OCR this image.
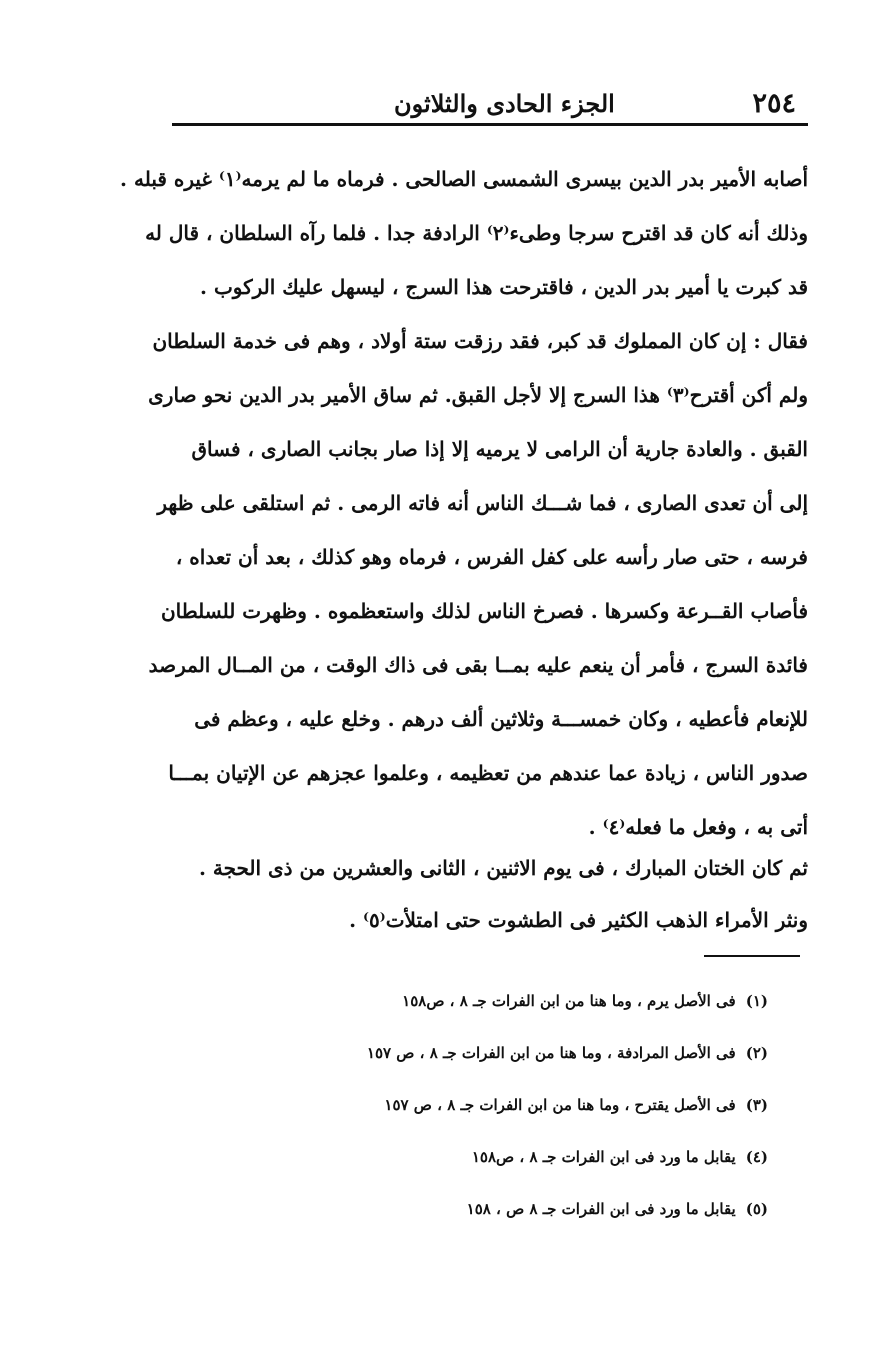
٢٥٤
الجزء الحادى والثلاثون
أصابه الأمير بدر الدين بيسرى الشمسى الصالحى . فرماه ما لم يرمه⁽١⁾ غيره قبله .
وذلك أنه كان قد اقترح سرجا وطىء⁽٢⁾ الرادفة جدا . فلما رآه السلطان ، قال له
قد كبرت يا أمير بدر الدين ، فاقترحت هذا السرج ، ليسهل عليك الركوب .
فقال : إن كان المملوك قد كبر، فقد رزقت ستة أولاد ، وهم فى خدمة السلطان
ولم أكن أقترح⁽٣⁾ هذا السرج إلا لأجل القبق. ثم ساق الأمير بدر الدين نحو صارى
القبق . والعادة جارية أن الرامى لا يرميه إلا إذا صار بجانب الصارى ، فساق
إلى أن تعدى الصارى ، فما شـــك الناس أنه فاته الرمى . ثم استلقى على ظهر
فرسه ، حتى صار رأسه على كفل الفرس ، فرماه وهو كذلك ، بعد أن تعداه ،
فأصاب القــرعة وكسرها . فصرخ الناس لذلك واستعظموه . وظهرت للسلطان
فائدة السرج ، فأمر أن ينعم عليه بمــا بقى فى ذاك الوقت ، من المــال المرصد
للإنعام فأعطيه ، وكان خمســـة وثلاثين ألف درهم . وخلع عليه ، وعظم فى
صدور الناس ، زيادة عما عندهم من تعظيمه ، وعلموا عجزهم عن الإتيان بمـــا
أتى به ، وفعل ما فعله⁽٤⁾ .
ثم كان الختان المبارك ، فى يوم الاثنين ، الثانى والعشرين من ذى الحجة .
ونثر الأمراء الذهب الكثير فى الطشوت حتى امتلأت⁽٥⁾ .
(١)فى الأصل يرم ، وما هنا من ابن الفرات جـ ٨ ، ص١٥٨
(٢)فى الأصل المرادفة ، وما هنا من ابن الفرات جـ ٨ ، ص ١٥٧
(٣)فى الأصل يقترح ، وما هنا من ابن الفرات جـ ٨ ، ص ١٥٧
(٤)يقابل ما ورد فى ابن الفرات جـ ٨ ، ص١٥٨
(٥)يقابل ما ورد فى ابن الفرات جـ ٨ ص ، ١٥٨
